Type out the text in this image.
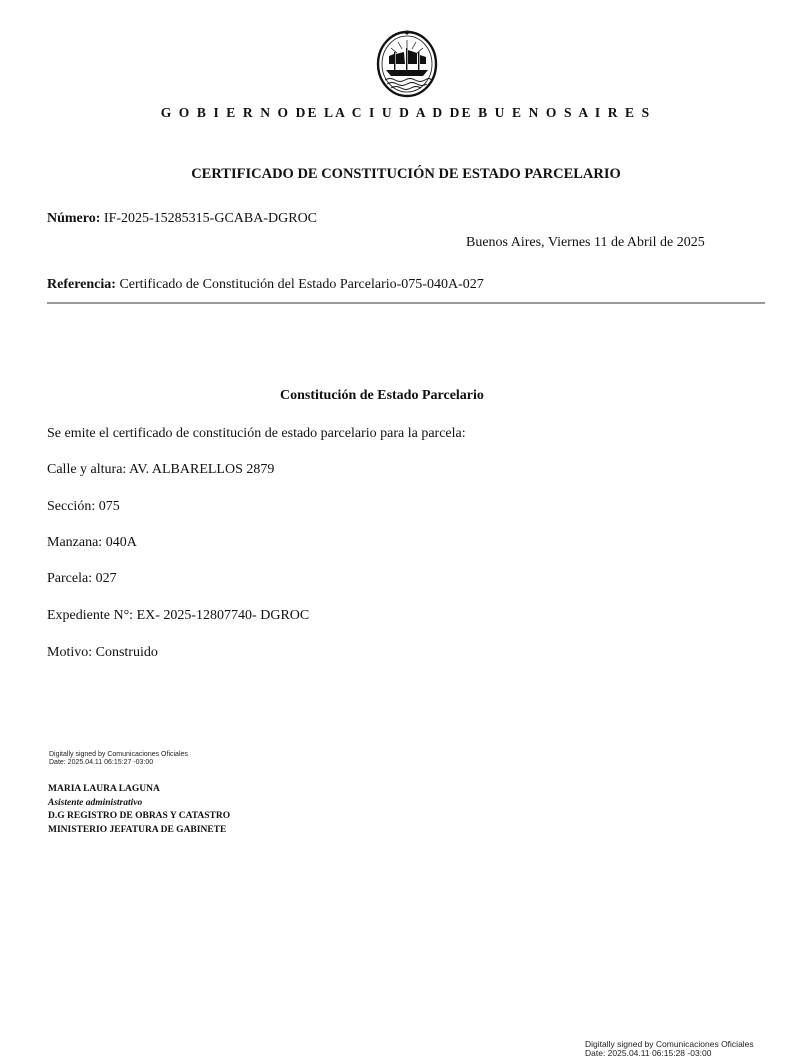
G O B I E R N O DE LA C I U D A D DE B U E N O S A I R E S
CERTIFICADO DE CONSTITUCIÓN DE ESTADO PARCELARIO
Número: IF-2025-15285315-GCABA-DGROC
Buenos Aires, Viernes 11 de Abril de 2025
Referencia: Certificado de Constitución del Estado Parcelario-075-040A-027
Constitución de Estado Parcelario
Se emite el certificado de constitución de estado parcelario para la parcela:
Calle y altura: AV. ALBARELLOS 2879
Sección: 075
Manzana: 040A
Parcela: 027
Expediente N°: EX- 2025-12807740- DGROC
Motivo: Construido
Digitally signed by Comunicaciones Oficiales
Date: 2025.04.11 06:15:27 -03:00
MARIA LAURA LAGUNA
Asistente administrativo
D.G REGISTRO DE OBRAS Y CATASTRO
MINISTERIO JEFATURA DE GABINETE
Digitally signed by Comunicaciones Oficiales
Date: 2025.04.11 06:15:28 -03:00
